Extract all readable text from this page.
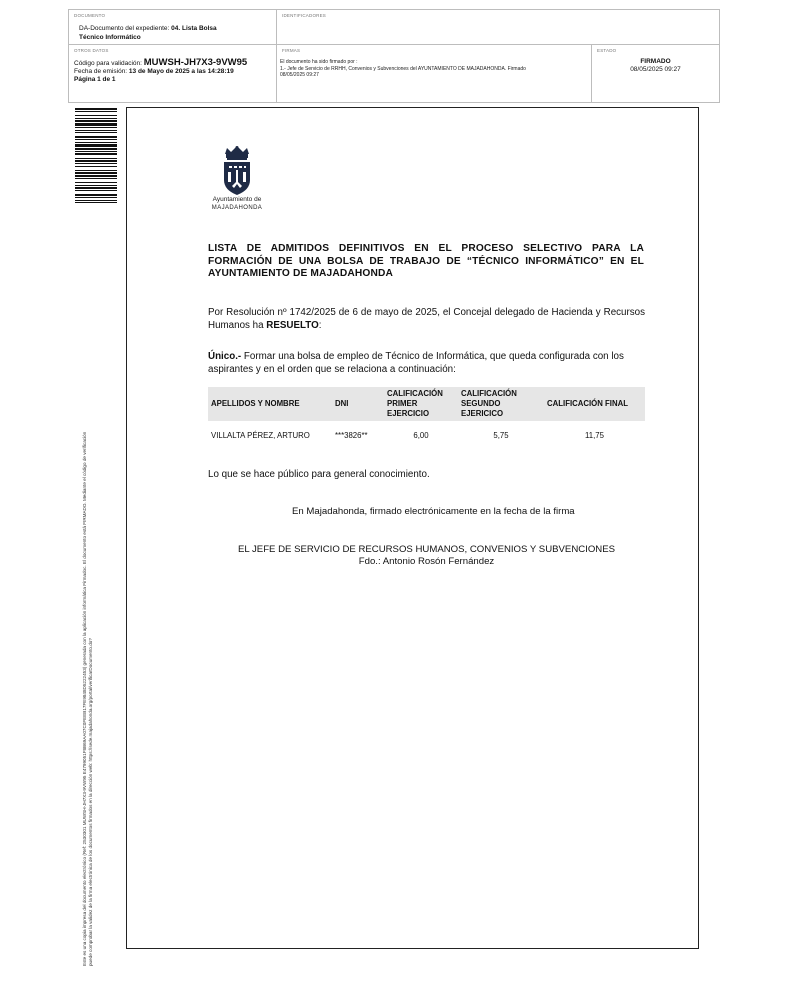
DOCUMENTO
DA-Documento del expediente: 04. Lista Bolsa
Técnico Informático
IDENTIFICADORES
OTROS DATOS
Código para validación: MUWSH-JH7X3-9VW95
Fecha de emisión: 13 de Mayo de 2025 a las 14:28:19
Página 1 de 1
FIRMAS
El documento ha sido firmado por :
1.- Jefe de Servicio de RRHH, Convenios y Subvenciones del AYUNTAMIENTO DE MAJADAHONDA. Firmado
08/05/2025 09:27
ESTADO
FIRMADO
08/05/2025 09:27
Este es una copia impresa del documento electrónico (Ref: 2530301 MUWSH-JH7X3-9VW95 E4799051F8B69AA07C0FEEB17FE9848D5222453) generada con la aplicación informática Firmadoc. El documento está FIRMADO. Mediante el código de verificación puede comprobar la validez de la firma electrónica de los documentos firmados en la dirección web: https://sede.majadahonda.org/portal/verificarDocumento.do?
Ayuntamiento de
MAJADAHONDA
LISTA DE ADMITIDOS DEFINITIVOS EN EL PROCESO SELECTIVO PARA LA FORMACIÓN DE UNA BOLSA DE TRABAJO DE “TÉCNICO INFORMÁTICO” EN EL AYUNTAMIENTO DE MAJADAHONDA
Por Resolución nº 1742/2025 de 6 de mayo de 2025, el Concejal delegado de Hacienda y Recursos Humanos ha RESUELTO:
Único.- Formar una bolsa de empleo de Técnico de Informática, que queda configurada con los aspirantes y en el orden que se relaciona a continuación:
APELLIDOS Y NOMBRE	DNI	CALIFICACIÓN PRIMER EJERCICIO	CALIFICACIÓN SEGUNDO EJERICICO	CALIFICACIÓN FINAL
VILLALTA PÉREZ, ARTURO	***3826**	6,00	5,75	11,75
Lo que se hace público para general conocimiento.
En Majadahonda, firmado electrónicamente en la fecha de la firma
EL JEFE DE SERVICIO DE RECURSOS HUMANOS, CONVENIOS Y SUBVENCIONES
Fdo.: Antonio Rosón Fernández
